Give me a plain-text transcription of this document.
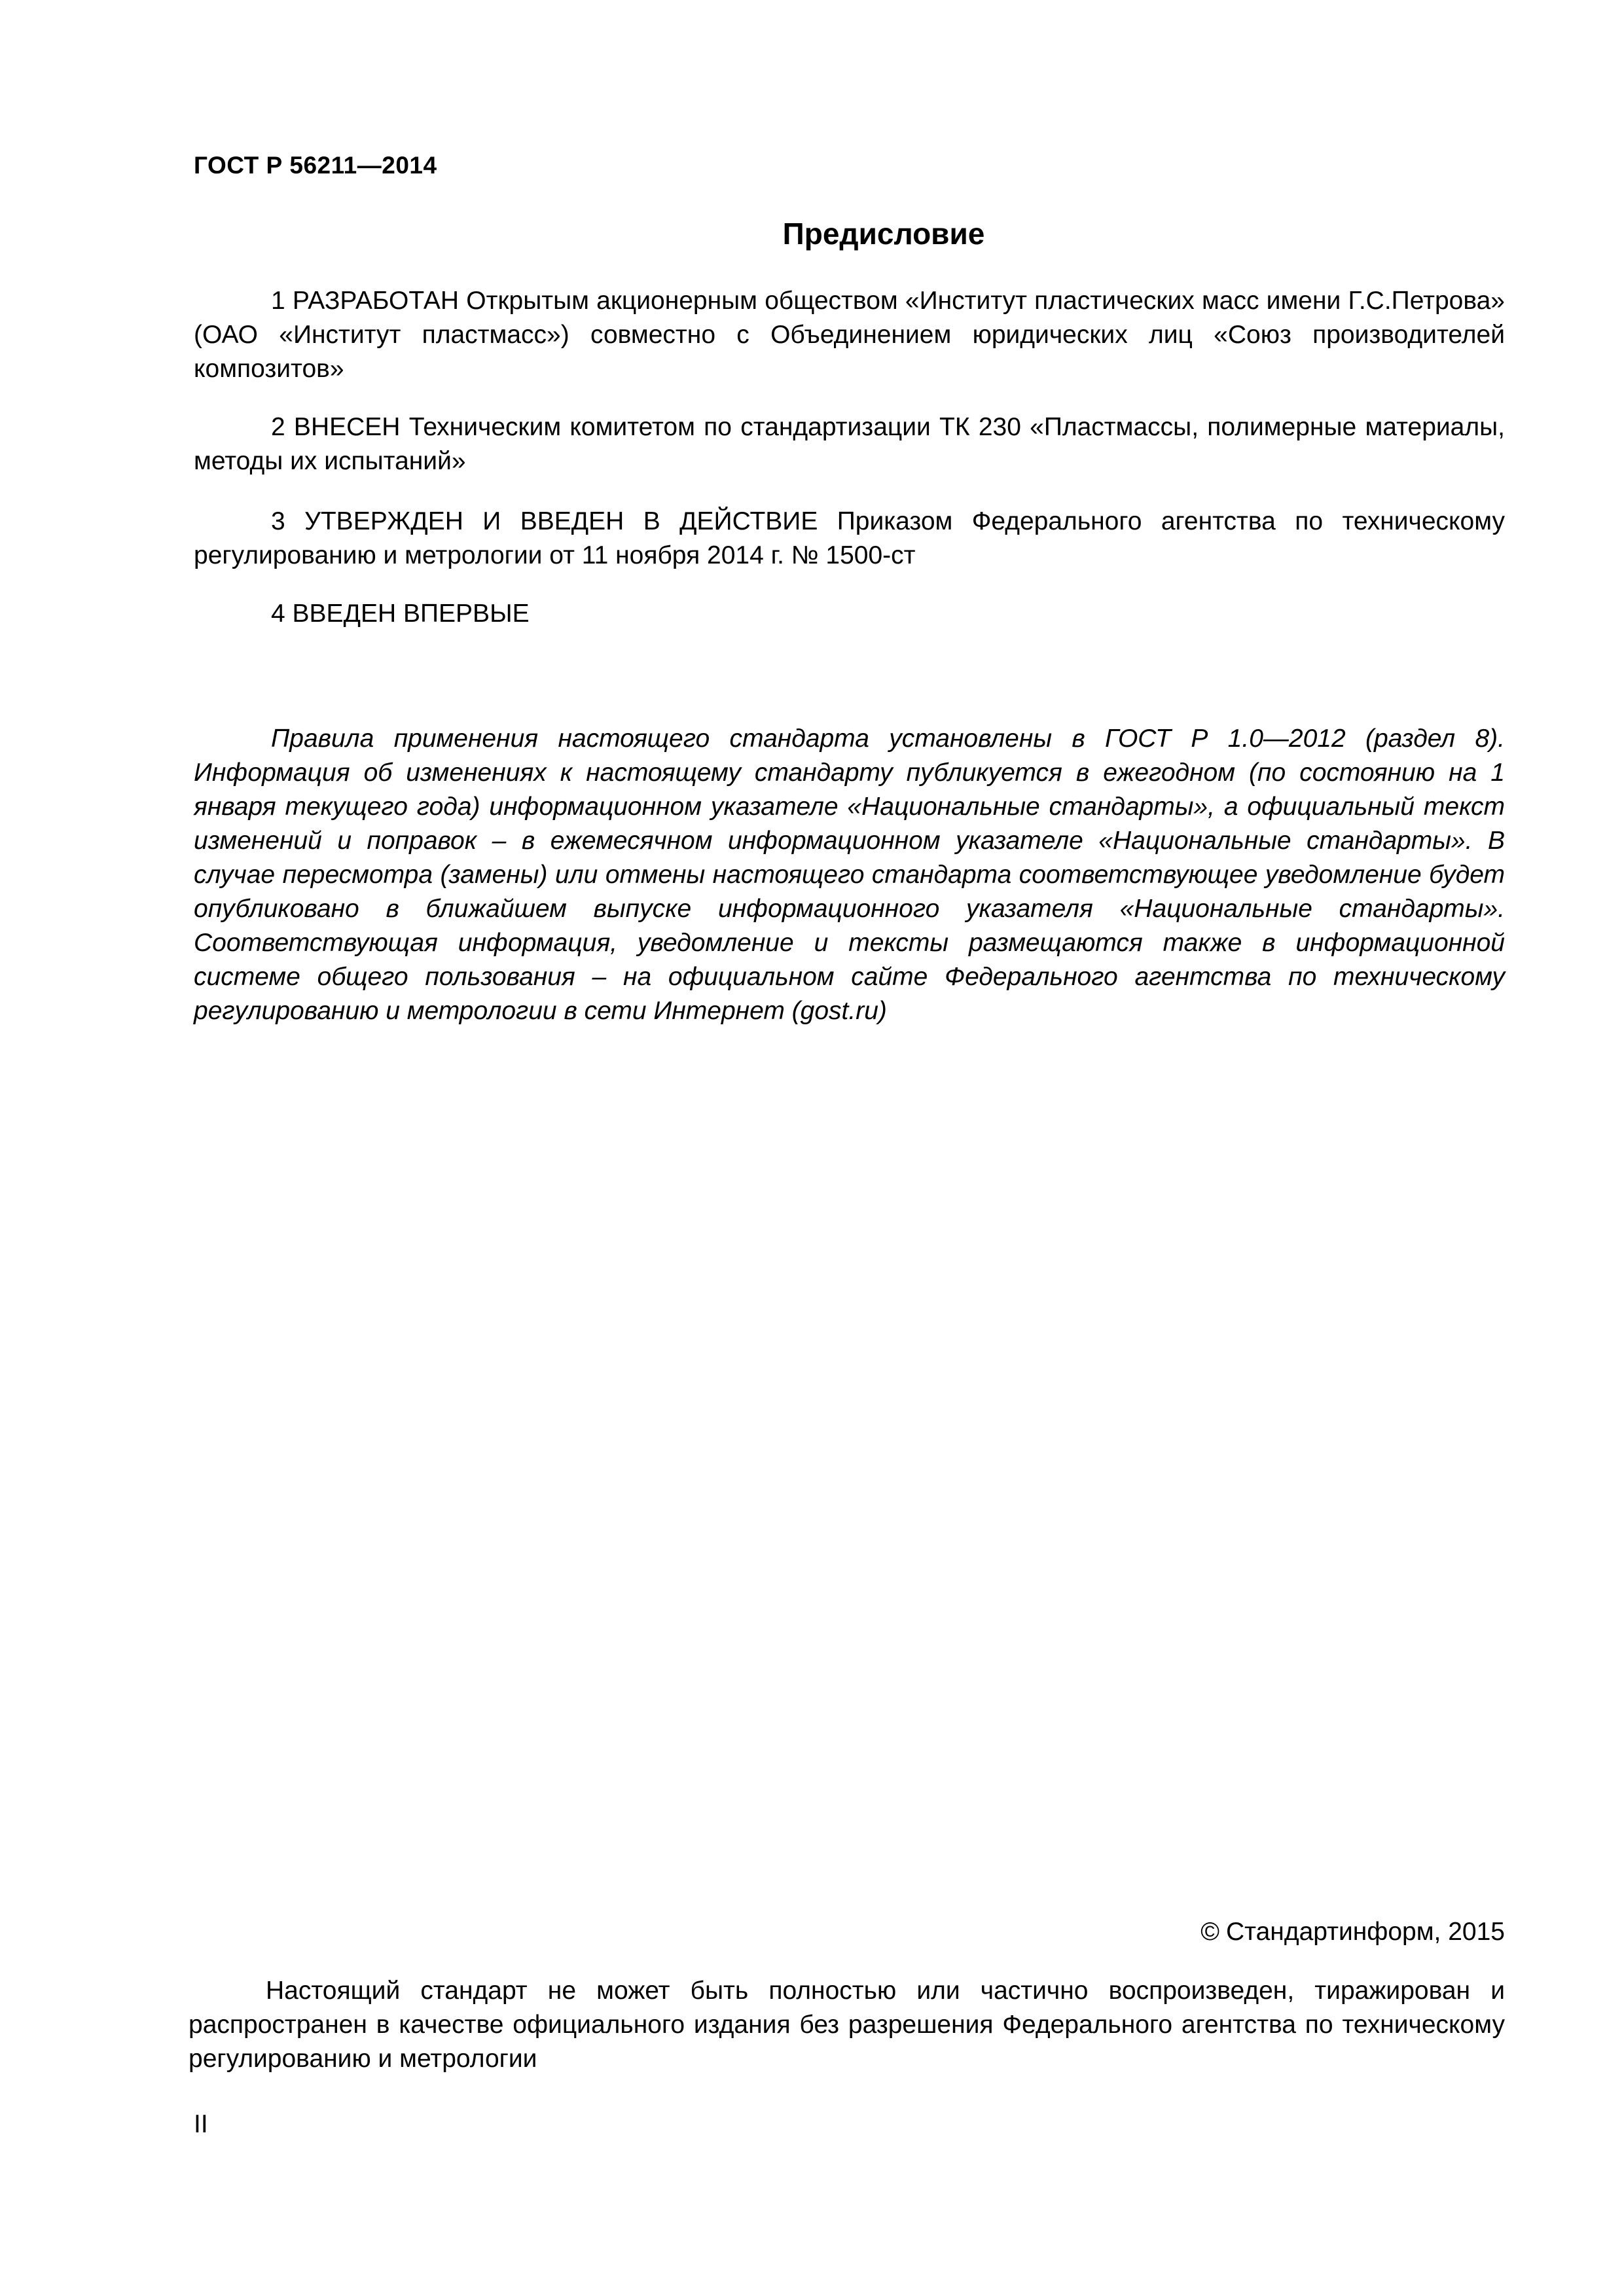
ГОСТ Р 56211—2014
Предисловие

1 РАЗРАБОТАН Открытым акционерным обществом «Институт пластических масс имени Г.С.Петрова» (ОАО «Институт пластмасс») совместно с Объединением юридических лиц «Союз производителей композитов»

2 ВНЕСЕН Техническим комитетом по стандартизации ТК 230 «Пластмассы, полимерные материалы, методы их испытаний»

3 УТВЕРЖДЕН И ВВЕДЕН В ДЕЙСТВИЕ Приказом Федерального агентства по техническому регулированию и метрологии от 11 ноября 2014 г. № 1500-ст

4 ВВЕДЕН ВПЕРВЫЕ

Правила применения настоящего стандарта установлены в ГОСТ Р 1.0—2012 (раздел 8). Информация об изменениях к настоящему стандарту публикуется в ежегодном (по состоянию на 1 января текущего года) информационном указателе «Национальные стандарты», а официальный текст изменений и поправок – в ежемесячном информационном указателе «Национальные стандарты». В случае пересмотра (замены) или отмены настоящего стандарта соответствующее уведомление будет опубликовано в ближайшем выпуске информационного указателя «Национальные стандарты». Соответствующая информация, уведомление и тексты размещаются также в информационной системе общего пользования – на официальном сайте Федерального агентства по техническому регулированию и метрологии в сети Интернет (gost.ru)

© Стандартинформ, 2015

Настоящий стандарт не может быть полностью или частично воспроизведен, тиражирован и распространен в качестве официального издания без разрешения Федерального агентства по техническому регулированию и метрологии

II
